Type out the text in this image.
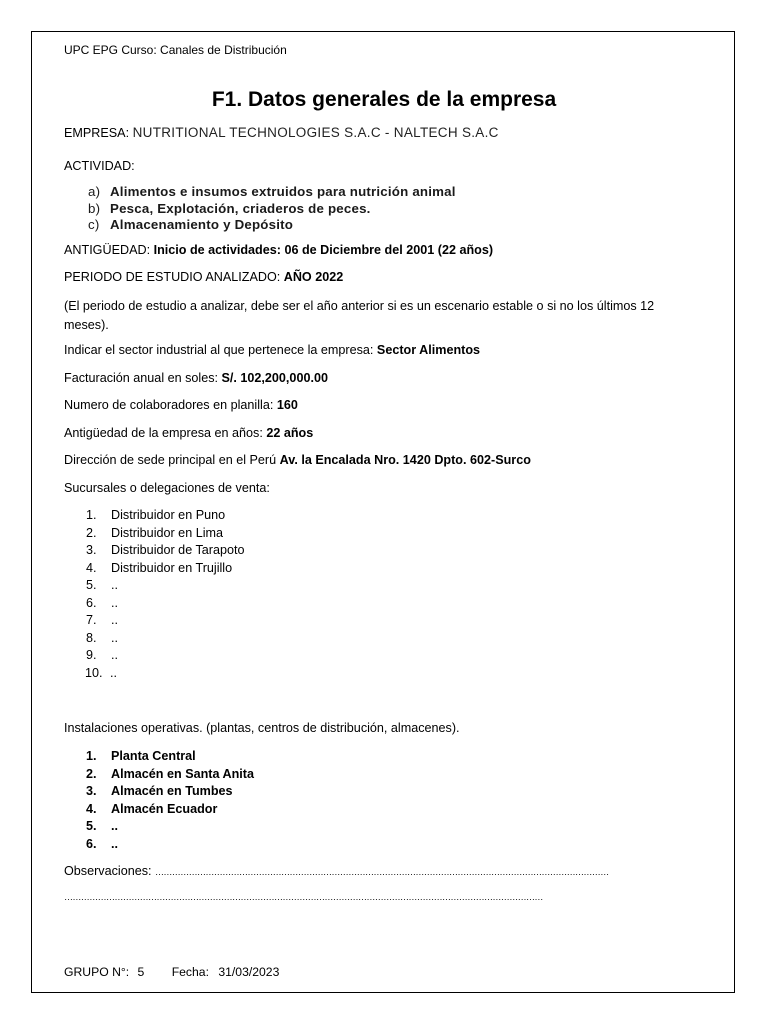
UPC EPG Curso: Canales de Distribución
F1. Datos generales de la empresa
EMPRESA: NUTRITIONAL TECHNOLOGIES S.A.C - NALTECH S.A.C
ACTIVIDAD:
a) Alimentos e insumos extruidos para nutrición animal
b) Pesca, Explotación, criaderos de peces.
c) Almacenamiento y Depósito
ANTIGÜEDAD: Inicio de actividades: 06 de Diciembre del 2001 (22 años)
PERIODO DE ESTUDIO ANALIZADO: AÑO 2022
(El periodo de estudio a analizar, debe ser el año anterior si es un escenario estable o si no los últimos 12 meses).
Indicar el sector industrial al que pertenece la empresa: Sector Alimentos
Facturación anual en soles: S/. 102,200,000.00
Numero de colaboradores en planilla: 160
Antigüedad de la empresa en años: 22 años
Dirección de sede principal en el Perú Av. la Encalada Nro. 1420 Dpto. 602-Surco
Sucursales o delegaciones de venta:
1.	Distribuidor en Puno
2.	Distribuidor en Lima
3.	Distribuidor de Tarapoto
4.	Distribuidor en Trujillo
5.	..
6.	..
7.	..
8.	..
9.	..
10. ..
Instalaciones operativas. (plantas, centros de distribución, almacenes).
1.	Planta Central
2.	Almacén en Santa Anita
3.	Almacén en Tumbes
4.	Almacén Ecuador
5.	..
6.	..
Observaciones: ………………………………………………………………………………………………………………………………………………
………………………………………………………………………………………………………………………………………………………
GRUPO N°: 5 Fecha: 31/03/2023
